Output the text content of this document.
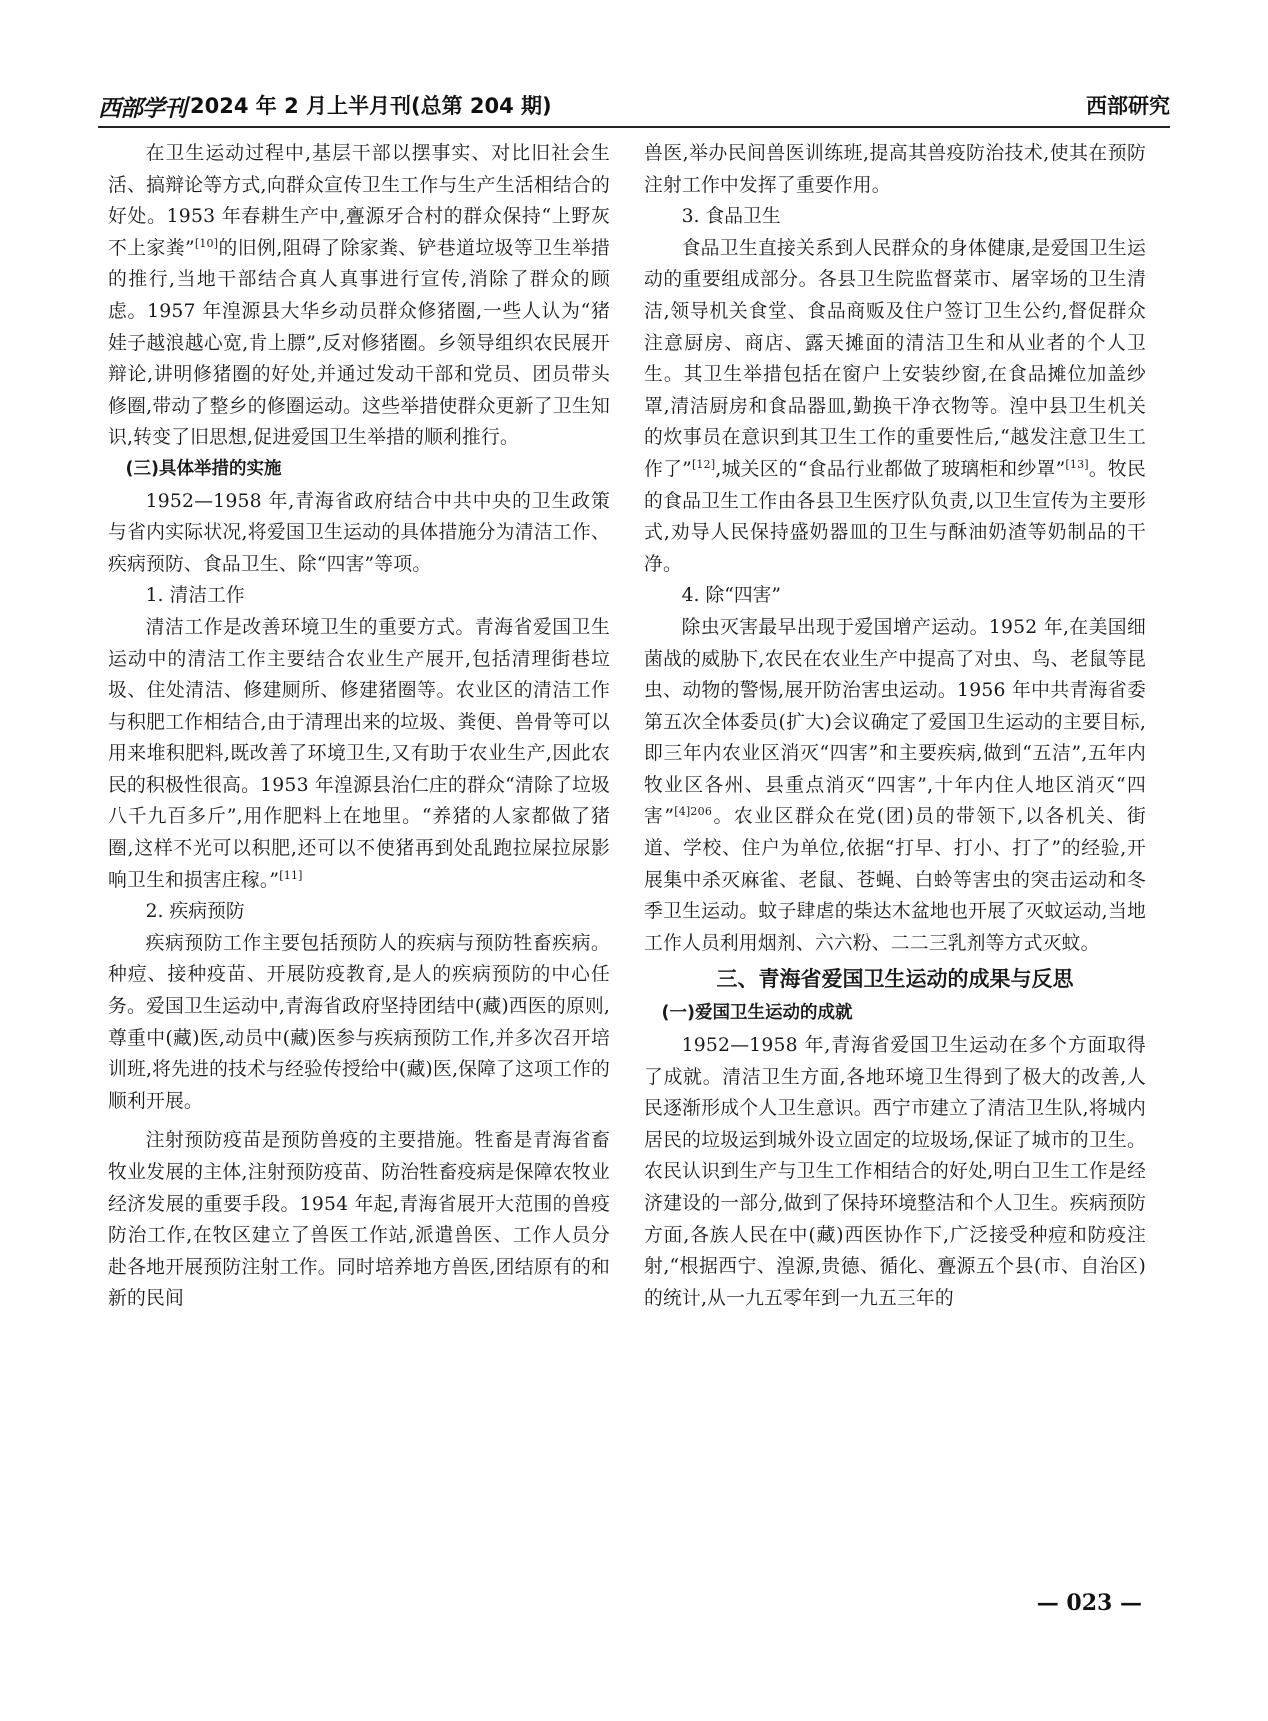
西部学刊 2024 年 2 月上半月刊(总第 204 期)	西部研究

在卫生运动过程中,基层干部以摆事实、对比旧社会生活、搞辩论等方式,向群众宣传卫生工作与生产生活相结合的好处。1953 年春耕生产中,亹源牙合村的群众保持“上野灰不上家粪”[10]的旧例,阻碍了除家粪、铲巷道垃圾等卫生举措的推行,当地干部结合真人真事进行宣传,消除了群众的顾虑。1957 年湟源县大华乡动员群众修猪圈,一些人认为“猪娃子越浪越心宽,肯上膘”,反对修猪圈。乡领导组织农民展开辩论,讲明修猪圈的好处,并通过发动干部和党员、团员带头修圈,带动了整乡的修圈运动。这些举措使群众更新了卫生知识,转变了旧思想,促进爱国卫生举措的顺利推行。

(三)具体举措的实施

1952—1958 年,青海省政府结合中共中央的卫生政策与省内实际状况,将爱国卫生运动的具体措施分为清洁工作、疾病预防、食品卫生、除“四害”等项。

1. 清洁工作

清洁工作是改善环境卫生的重要方式。青海省爱国卫生运动中的清洁工作主要结合农业生产展开,包括清理街巷垃圾、住处清洁、修建厕所、修建猪圈等。农业区的清洁工作与积肥工作相结合,由于清理出来的垃圾、粪便、兽骨等可以用来堆积肥料,既改善了环境卫生,又有助于农业生产,因此农民的积极性很高。1953 年湟源县治仁庄的群众“清除了垃圾八千九百多斤”,用作肥料上在地里。“养猪的人家都做了猪圈,这样不光可以积肥,还可以不使猪再到处乱跑拉屎拉尿影响卫生和损害庄稼。”[11]

2. 疾病预防

疾病预防工作主要包括预防人的疾病与预防牲畜疾病。种痘、接种疫苗、开展防疫教育,是人的疾病预防的中心任务。爱国卫生运动中,青海省政府坚持团结中(藏)西医的原则,尊重中(藏)医,动员中(藏)医参与疾病预防工作,并多次召开培训班,将先进的技术与经验传授给中(藏)医,保障了这项工作的顺利开展。

注射预防疫苗是预防兽疫的主要措施。牲畜是青海省畜牧业发展的主体,注射预防疫苗、防治牲畜疫病是保障农牧业经济发展的重要手段。1954 年起,青海省展开大范围的兽疫防治工作,在牧区建立了兽医工作站,派遣兽医、工作人员分赴各地开展预防注射工作。同时培养地方兽医,团结原有的和新的民间

兽医,举办民间兽医训练班,提高其兽疫防治技术,使其在预防注射工作中发挥了重要作用。

3. 食品卫生

食品卫生直接关系到人民群众的身体健康,是爱国卫生运动的重要组成部分。各县卫生院监督菜市、屠宰场的卫生清洁,领导机关食堂、食品商贩及住户签订卫生公约,督促群众注意厨房、商店、露天摊面的清洁卫生和从业者的个人卫生。其卫生举措包括在窗户上安装纱窗,在食品摊位加盖纱罩,清洁厨房和食品器皿,勤换干净衣物等。湟中县卫生机关的炊事员在意识到其卫生工作的重要性后,“越发注意卫生工作了”[12],城关区的“食品行业都做了玻璃柜和纱罩”[13]。牧民的食品卫生工作由各县卫生医疗队负责,以卫生宣传为主要形式,劝导人民保持盛奶器皿的卫生与酥油奶渣等奶制品的干净。

4. 除“四害”

除虫灭害最早出现于爱国增产运动。1952 年,在美国细菌战的威胁下,农民在农业生产中提高了对虫、鸟、老鼠等昆虫、动物的警惕,展开防治害虫运动。1956 年中共青海省委第五次全体委员(扩大)会议确定了爱国卫生运动的主要目标,即三年内农业区消灭“四害”和主要疾病,做到“五洁”,五年内牧业区各州、县重点消灭“四害”,十年内住人地区消灭“四害”$^{[4]206}$。农业区群众在党(团)员的带领下,以各机关、街道、学校、住户为单位,依据“打早、打小、打了”的经验,开展集中杀灭麻雀、老鼠、苍蝇、白蛉等害虫的突击运动和冬季卫生运动。蚊子肆虐的柴达木盆地也开展了灭蚊运动,当地工作人员利用烟剂、六六粉、二二三乳剂等方式灭蚊。

三、青海省爱国卫生运动的成果与反思

(一)爱国卫生运动的成就

1952—1958 年,青海省爱国卫生运动在多个方面取得了成就。清洁卫生方面,各地环境卫生得到了极大的改善,人民逐渐形成个人卫生意识。西宁市建立了清洁卫生队,将城内居民的垃圾运到城外设立固定的垃圾场,保证了城市的卫生。农民认识到生产与卫生工作相结合的好处,明白卫生工作是经济建设的一部分,做到了保持环境整洁和个人卫生。疾病预防方面,各族人民在中(藏)西医协作下,广泛接受种痘和防疫注射,“根据西宁、湟源,贵德、循化、亹源五个县(市、自治区)的统计,从一九五零年到一九五三年的

— 023 —
